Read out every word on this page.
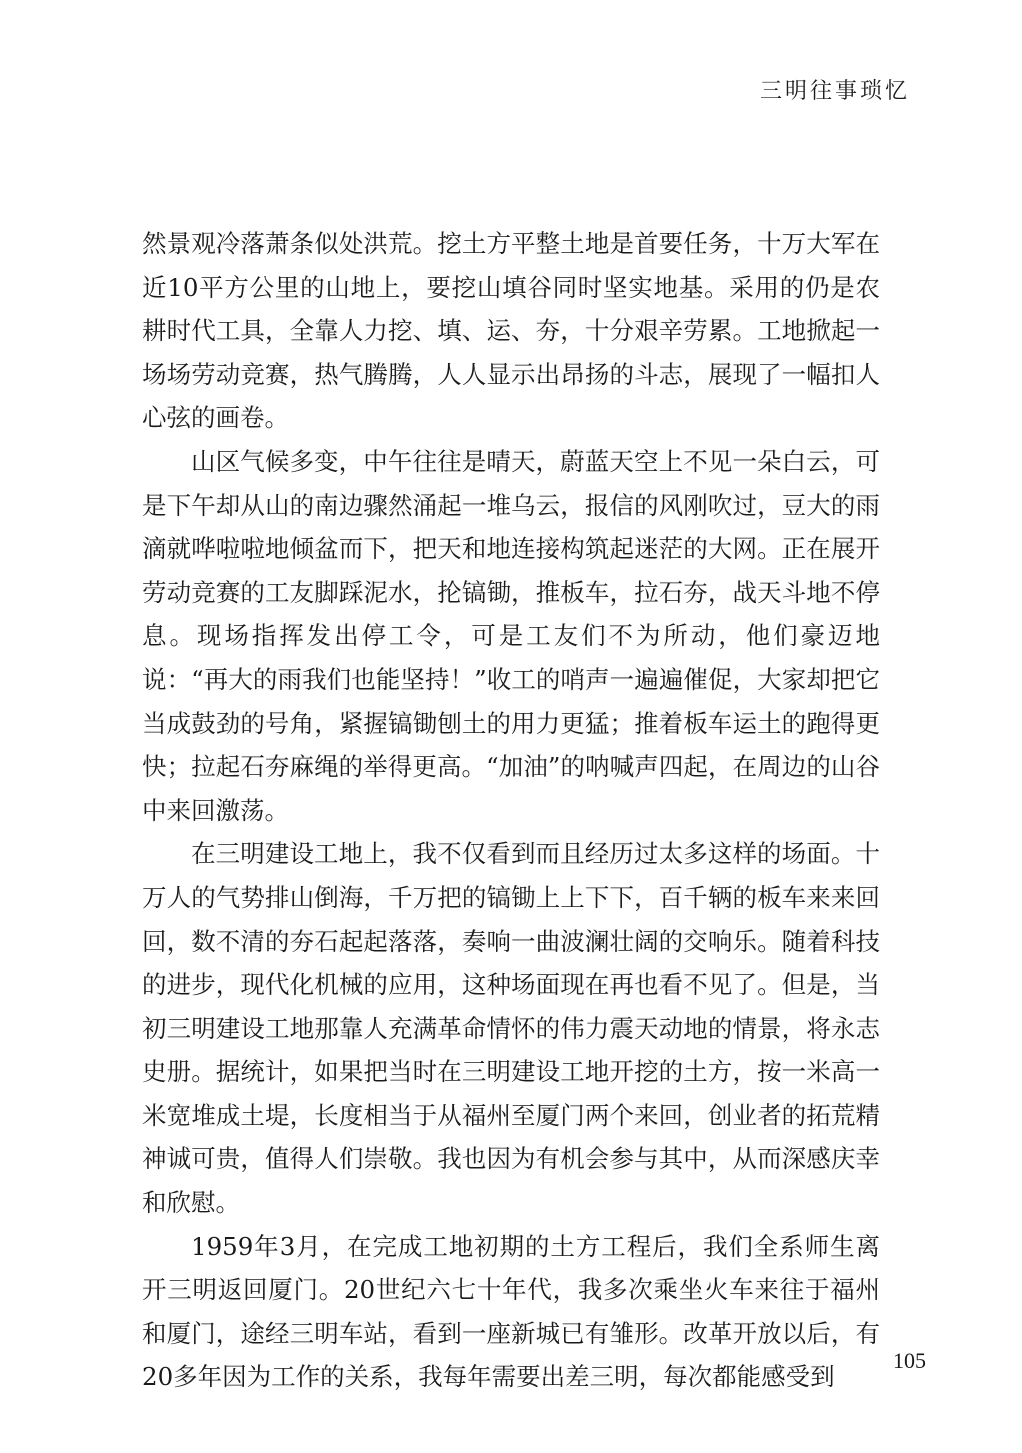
三明往事琐忆

然景观冷落萧条似处洪荒。挖土方平整土地是首要任务，十万大军在近10平方公里的山地上，要挖山填谷同时坚实地基。采用的仍是农耕时代工具，全靠人力挖、填、运、夯，十分艰辛劳累。工地掀起一场场劳动竞赛，热气腾腾，人人显示出昂扬的斗志，展现了一幅扣人心弦的画卷。

山区气候多变，中午往往是晴天，蔚蓝天空上不见一朵白云，可是下午却从山的南边骤然涌起一堆乌云，报信的风刚吹过，豆大的雨滴就哗啦啦地倾盆而下，把天和地连接构筑起迷茫的大网。正在展开劳动竞赛的工友脚踩泥水，抡镐锄，推板车，拉石夯，战天斗地不停息。现场指挥发出停工令，可是工友们不为所动，他们豪迈地说：“再大的雨我们也能坚持！”收工的哨声一遍遍催促，大家却把它当成鼓劲的号角，紧握镐锄刨土的用力更猛；推着板车运土的跑得更快；拉起石夯麻绳的举得更高。“加油”的呐喊声四起，在周边的山谷中来回激荡。

在三明建设工地上，我不仅看到而且经历过太多这样的场面。十万人的气势排山倒海，千万把的镐锄上上下下，百千辆的板车来来回回，数不清的夯石起起落落，奏响一曲波澜壮阔的交响乐。随着科技的进步，现代化机械的应用，这种场面现在再也看不见了。但是，当初三明建设工地那靠人充满革命情怀的伟力震天动地的情景，将永志史册。据统计，如果把当时在三明建设工地开挖的土方，按一米高一米宽堆成土堤，长度相当于从福州至厦门两个来回，创业者的拓荒精神诚可贵，值得人们崇敬。我也因为有机会参与其中，从而深感庆幸和欣慰。

1959年3月，在完成工地初期的土方工程后，我们全系师生离开三明返回厦门。20世纪六七十年代，我多次乘坐火车来往于福州和厦门，途经三明车站，看到一座新城已有雏形。改革开放以后，有20多年因为工作的关系，我每年需要出差三明，每次都能感受到

105
